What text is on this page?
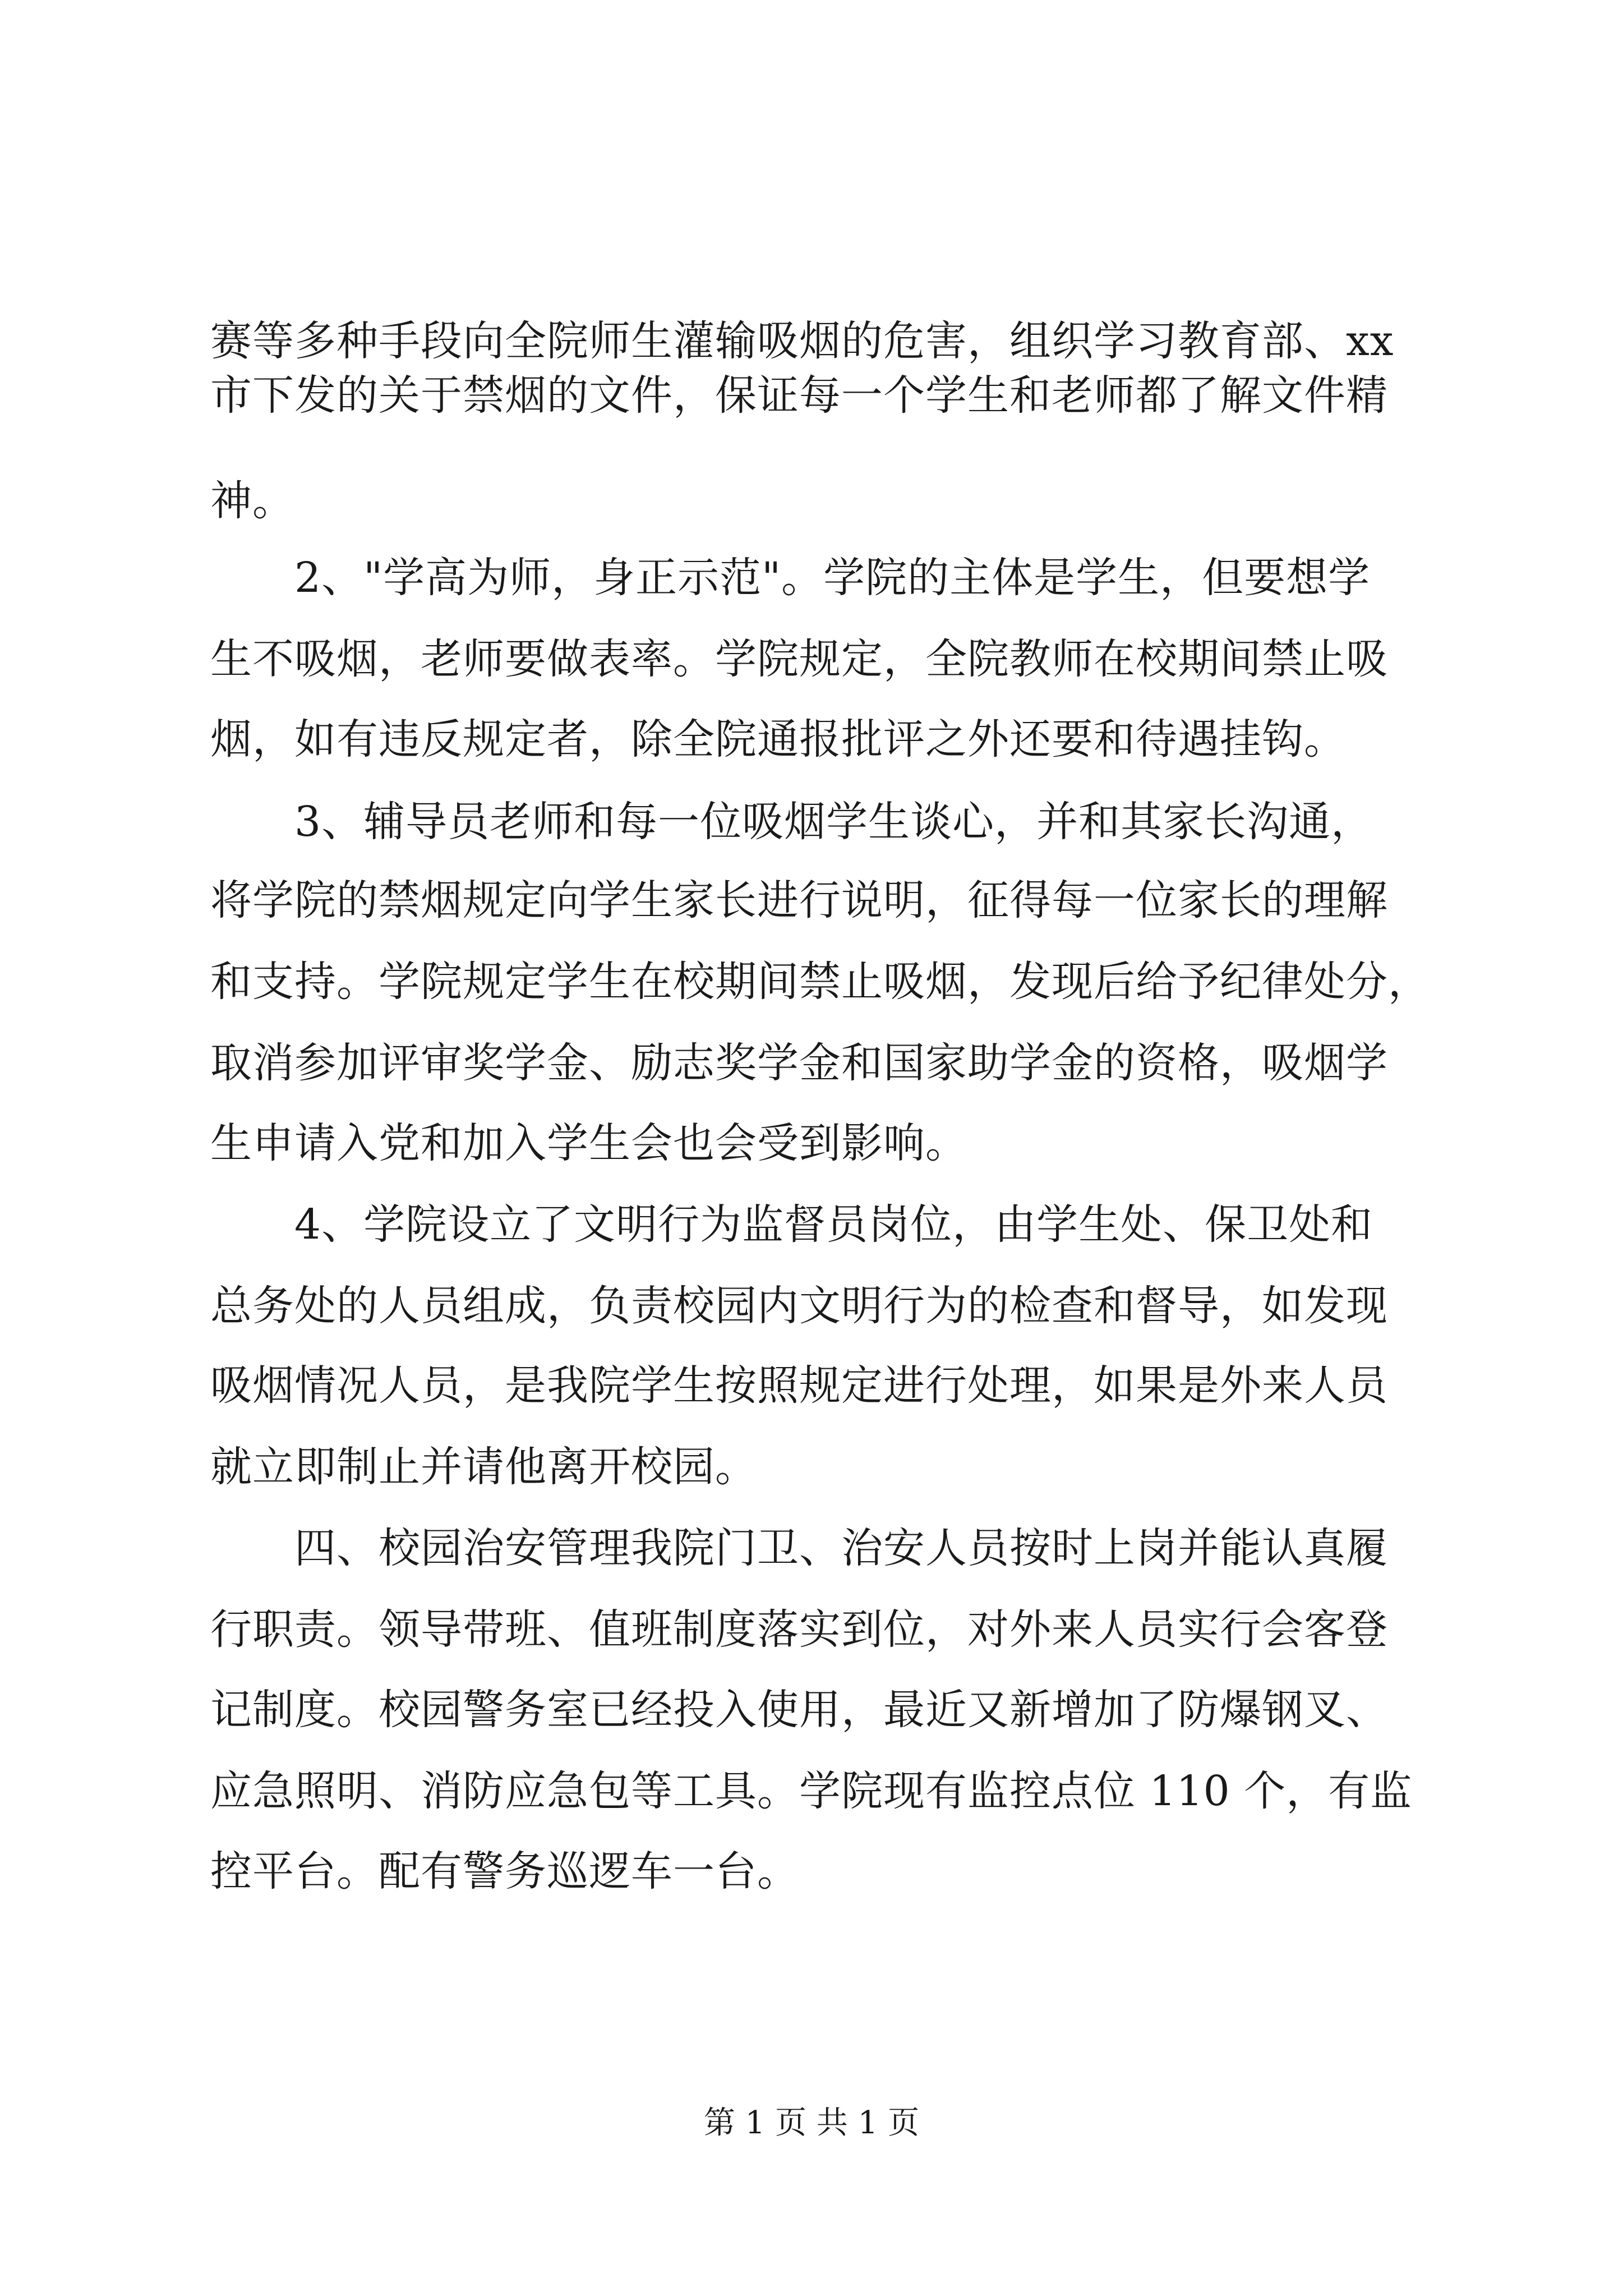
赛等多种手段向全院师生灌输吸烟的危害，组织学习教育部、xx
市下发的关于禁烟的文件，保证每一个学生和老师都了解文件精
神。
　　2、"学高为师，身正示范"。学院的主体是学生，但要想学
生不吸烟，老师要做表率。学院规定，全院教师在校期间禁止吸
烟，如有违反规定者，除全院通报批评之外还要和待遇挂钩。
　　3、辅导员老师和每一位吸烟学生谈心，并和其家长沟通，
将学院的禁烟规定向学生家长进行说明，征得每一位家长的理解
和支持。学院规定学生在校期间禁止吸烟，发现后给予纪律处分，
取消参加评审奖学金、励志奖学金和国家助学金的资格，吸烟学
生申请入党和加入学生会也会受到影响。
　　4、学院设立了文明行为监督员岗位，由学生处、保卫处和
总务处的人员组成，负责校园内文明行为的检查和督导，如发现
吸烟情况人员，是我院学生按照规定进行处理，如果是外来人员
就立即制止并请他离开校园。
　　四、校园治安管理我院门卫、治安人员按时上岗并能认真履
行职责。领导带班、值班制度落实到位，对外来人员实行会客登
记制度。校园警务室已经投入使用，最近又新增加了防爆钢叉、
应急照明、消防应急包等工具。学院现有监控点位 110 个，有监
控平台。配有警务巡逻车一台。
第 1 页 共 1 页
